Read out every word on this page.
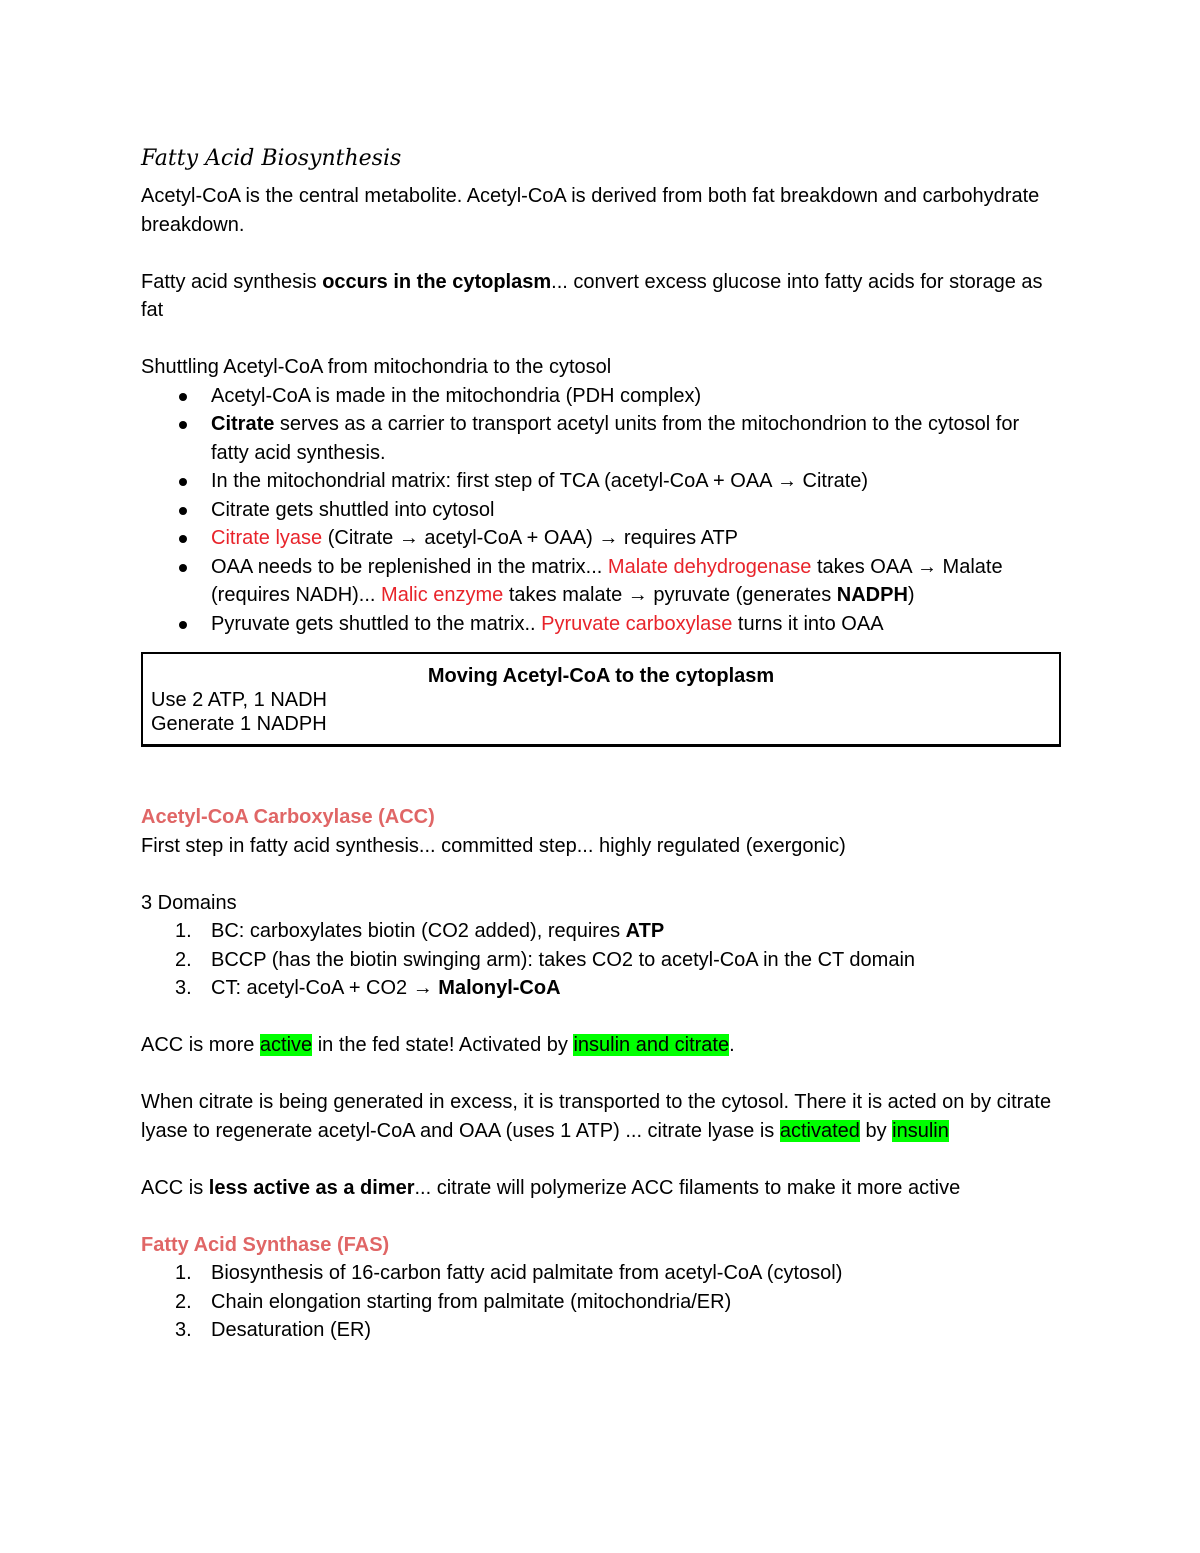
Fatty Acid Biosynthesis

Acetyl-CoA is the central metabolite. Acetyl-CoA is derived from both fat breakdown and carbohydrate breakdown.

Fatty acid synthesis occurs in the cytoplasm... convert excess glucose into fatty acids for storage as fat

Shuttling Acetyl-CoA from mitochondria to the cytosol

Acetyl-CoA is made in the mitochondria (PDH complex)
Citrate serves as a carrier to transport acetyl units from the mitochondrion to the cytosol for fatty acid synthesis.
In the mitochondrial matrix: first step of TCA (acetyl-CoA + OAA → Citrate)
Citrate gets shuttled into cytosol
Citrate lyase (Citrate → acetyl-CoA + OAA) → requires ATP
OAA needs to be replenished in the matrix... Malate dehydrogenase takes OAA → Malate (requires NADH)... Malic enzyme takes malate → pyruvate (generates NADPH)
Pyruvate gets shuttled to the matrix.. Pyruvate carboxylase turns it into OAA
Moving Acetyl-CoA to the cytoplasm
Use 2 ATP, 1 NADH
Generate 1 NADPH

Acetyl-CoA Carboxylase (ACC)

First step in fatty acid synthesis... committed step... highly regulated (exergonic)

3 Domains

1. BC: carboxylates biotin (CO2 added), requires ATP
2. BCCP (has the biotin swinging arm): takes CO2 to acetyl-CoA in the CT domain
3. CT: acetyl-CoA + CO2 → Malonyl-CoA

ACC is more active in the fed state! Activated by insulin and citrate.

When citrate is being generated in excess, it is transported to the cytosol. There it is acted on by citrate lyase to regenerate acetyl-CoA and OAA (uses 1 ATP) ... citrate lyase is activated by insulin

ACC is less active as a dimer... citrate will polymerize ACC filaments to make it more active

Fatty Acid Synthase (FAS)

1. Biosynthesis of 16-carbon fatty acid palmitate from acetyl-CoA (cytosol)
2. Chain elongation starting from palmitate (mitochondria/ER)
3. Desaturation (ER)
